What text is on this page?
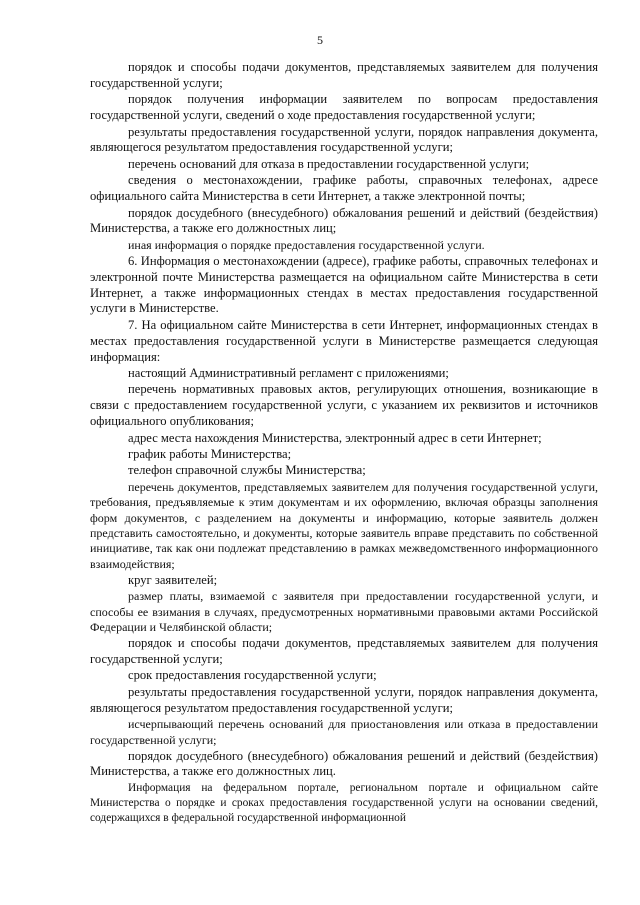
5

порядок и способы подачи документов, представляемых заявителем для получения государственной услуги;

порядок получения информации заявителем по вопросам предоставления государственной услуги, сведений о ходе предоставления государственной услуги;

результаты предоставления государственной услуги, порядок направления документа, являющегося результатом предоставления государственной услуги;

перечень оснований для отказа в предоставлении государственной услуги;

сведения о местонахождении, графике работы, справочных телефонах, адресе официального сайта Министерства в сети Интернет, а также электронной почты;

порядок досудебного (внесудебного) обжалования решений и действий (бездействия) Министерства, а также его должностных лиц;

иная информация о порядке предоставления государственной услуги.

6. Информация о местонахождении (адресе), графике работы, справочных телефонах и электронной почте Министерства размещается на официальном сайте Министерства в сети Интернет, а также информационных стендах в местах предоставления государственной услуги в Министерстве.

7. На официальном сайте Министерства в сети Интернет, информационных стендах в местах предоставления государственной услуги в Министерстве размещается следующая информация:

настоящий Административный регламент с приложениями;

перечень нормативных правовых актов, регулирующих отношения, возникающие в связи с предоставлением государственной услуги, с указанием их реквизитов и источников официального опубликования;

адрес места нахождения Министерства, электронный адрес в сети Интернет;

график работы Министерства;

телефон справочной службы Министерства;

перечень документов, представляемых заявителем для получения государственной услуги, требования, предъявляемые к этим документам и их оформлению, включая образцы заполнения форм документов, с разделением на документы и информацию, которые заявитель должен представить самостоятельно, и документы, которые заявитель вправе представить по собственной инициативе, так как они подлежат представлению в рамках межведомственного информационного взаимодействия;

круг заявителей;

размер платы, взимаемой с заявителя при предоставлении государственной услуги, и способы ее взимания в случаях, предусмотренных нормативными правовыми актами Российской Федерации и Челябинской области;

порядок и способы подачи документов, представляемых заявителем для получения государственной услуги;

срок предоставления государственной услуги;

результаты предоставления государственной услуги, порядок направления документа, являющегося результатом предоставления государственной услуги;

исчерпывающий перечень оснований для приостановления или отказа в предоставлении государственной услуги;

порядок досудебного (внесудебного) обжалования решений и действий (бездействия) Министерства, а также его должностных лиц.

Информация на федеральном портале, региональном портале и официальном сайте Министерства о порядке и сроках предоставления государственной услуги на основании сведений, содержащихся в федеральной государственной информационной
